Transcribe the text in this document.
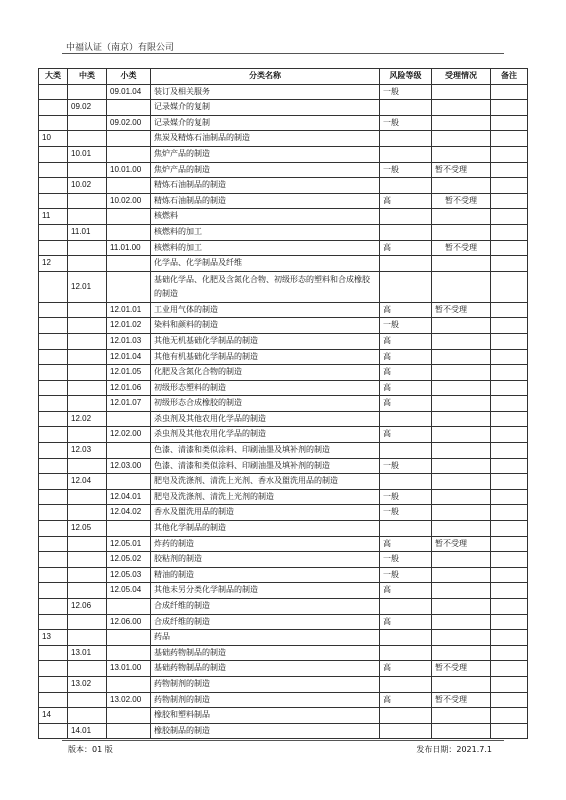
中福认证（南京）有限公司
大类	中类	小类	分类名称	风险等级	受理情况	备注
		09.01.04	装订及相关服务	一般		
	09.02		记录媒介的复制			
		09.02.00	记录媒介的复制	一般		
10			焦炭及精炼石油制品的制造			
	10.01		焦炉产品的制造			
		10.01.00	焦炉产品的制造	一般	暂不受理	
	10.02		精炼石油制品的制造			
		10.02.00	精炼石油制品的制造	高	暂不受理	
11			核燃料			
	11.01		核燃料的加工			
		11.01.00	核燃料的加工	高	暂不受理	
12			化学品、化学制品及纤维			
	12.01		基础化学品、化肥及含氮化合物、初级形态的塑料和合成橡胶的制造			
		12.01.01	工业用气体的制造	高	暂不受理	
		12.01.02	染料和颜料的制造	一般		
		12.01.03	其他无机基础化学制品的制造	高		
		12.01.04	其他有机基础化学制品的制造	高		
		12.01.05	化肥及含氮化合物的制造	高		
		12.01.06	初级形态塑料的制造	高		
		12.01.07	初级形态合成橡胶的制造	高		
	12.02		杀虫剂及其他农用化学品的制造			
		12.02.00	杀虫剂及其他农用化学品的制造	高		
	12.03		色漆、清漆和类似涂料、印刷油墨及填补剂的制造			
		12.03.00	色漆、清漆和类似涂料、印刷油墨及填补剂的制造	一般		
	12.04		肥皂及洗涤剂、清洗上光剂、香水及盥洗用品的制造			
		12.04.01	肥皂及洗涤剂、清洗上光剂的制造	一般		
		12.04.02	香水及盥洗用品的制造	一般		
	12.05		其他化学制品的制造			
		12.05.01	炸药的制造	高	暂不受理	
		12.05.02	胶粘剂的制造	一般		
		12.05.03	精油的制造	一般		
		12.05.04	其他未另分类化学制品的制造	高		
	12.06		合成纤维的制造			
		12.06.00	合成纤维的制造	高		
13			药品			
	13.01		基础药物制品的制造			
		13.01.00	基础药物制品的制造	高	暂不受理	
	13.02		药物制剂的制造			
		13.02.00	药物制剂的制造	高	暂不受理	
14			橡胶和塑料制品			
	14.01		橡胶制品的制造			
版本：01 版	发布日期：2021.7.1
